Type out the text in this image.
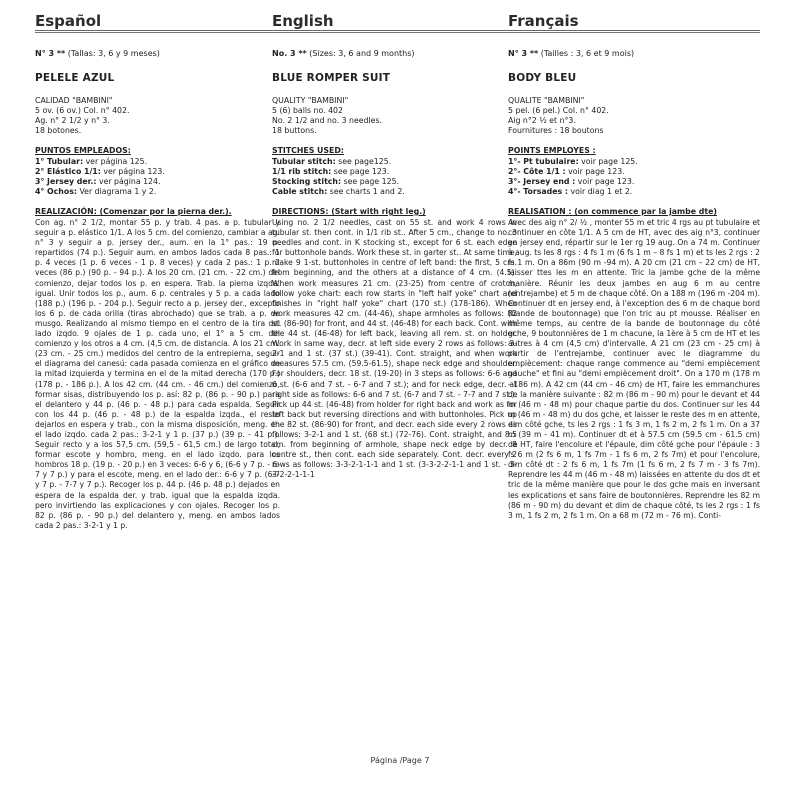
Español
N° 3 ** (Tallas: 3, 6 y 9 meses)
PELELE AZUL
CALIDAD "BAMBINI"
5 ov. (6 ov.) Col. n° 402.
Ag. n° 2 1/2 y n° 3.
18 botones.
PUNTOS EMPLEADOS:
1° Tubular: ver página 125.
2° Elástico 1/1: ver página 123.
3° Jersey der.: ver página 124.
4° Ochos: Ver diagrama 1 y 2.
REALIZACIÓN: (Comenzar por la pierna der.).

Con ag. n° 2 1/2, montar 55 p. y trab. 4 pas. a p. tubular y seguir a p. elástico 1/1. A los 5 cm. del comienzo, cambiar a ag. n° 3 y seguir a p. jersey der., aum. en la 1° pas.: 19 p. repartidos (74 p.). Seguir aum. en ambos lados cada 8 pas.: 1 p. 4 veces (1 p. 6 veces - 1 p. 8 veces) y cada 2 pas.: 1 p. 2 veces (86 p.) (90 p. - 94 p.). A los 20 cm. (21 cm. - 22 cm.) del comienzo, dejar todos los p. en espera. Trab. la pierna izqda. igual. Unir todos los p., aum. 6 p. centrales y 5 p. a cada lado (188 p.) (196 p. - 204 p.). Seguir recto a p. jersey der., excepto los 6 p. de cada orilla (tiras abrochado) que se trab. a p. de musgo. Realizando al mismo tiempo en el centro de la tira del lado izqdo. 9 ojales de 1 p. cada uno, el 1° a 5 cm. del comienzo y los otros a 4 cm. (4,5 cm. de distancia. A los 21 cm. (23 cm. - 25 cm.) medidos del centro de la entrepierna, seguir el diagrama del canesú: cada pasada comienza en el gráfico de la mitad izquierda y termina en el de la mitad derecha (170 p.) (178 p. - 186 p.). A los 42 cm. (44 cm. - 46 cm.) del comienzo, formar sisas, distribuyendo los p. así: 82 p. (86 p. - 90 p.) para el delantero y 44 p. (46 p. - 48 p.) para cada espalda. Seguir con los 44 p. (46 p. - 48 p.) de la espalda izqda., el resto dejarlos en espera y trab., con la misma disposición, meng. en el lado izqdo. cada 2 pas.: 3-2-1 y 1 p. (37 p.) (39 p. - 41 p.). Seguir recto y a los 57,5 cm. (59,5 - 61,5 cm.) de largo total, formar escote y hombro, meng. en el lado izqdo. para los hombros 18 p. (19 p. - 20 p.) en 3 veces: 6-6 y 6, (6-6 y 7 p. - 6-7 y 7 p.) y para el escote, meng. en el lado der.: 6-6 y 7 p. (6-7 y 7 p. - 7-7 y 7 p.). Recoger los p. 44 p. (46 p. 48 p.) dejados en espera de la espalda der. y trab. igual que la espalda izqda. pero invirtiendo las explicaciones y con ojales. Recoger los p. 82 p. (86 p. - 90 p.) del delantero y, meng. en ambos lados cada 2 pas.: 3-2-1 y 1 p.

English
No. 3 ** (Sizes: 3, 6 and 9 months)
BLUE ROMPER SUIT
QUALITY "BAMBINI"
5 (6) balls no. 402
No. 2 1/2 and no. 3 needles.
18 buttons.
STITCHES USED:
Tubular stitch: see page125.
1/1 rib stitch: see page 123.
Stocking stitch: see page 125.
Cable stitch: see charts 1 and 2.
DIRECTIONS: (Start with right leg.)

Using no. 2 1/2 needles, cast on 55 st. and work 4 rows in tubular st. then cont. in 1/1 rib st.. After 5 cm., change to no. 3 needles and cont. in K stocking st., except for 6 st. each edge for buttonhole bands. Work these st. in garter st.. At same time, make 9 1-st. buttonholes in centre of left band: the first, 5 cm. from beginning, and the others at a distance of 4 cm. (4.5). When work measures 21 cm. (23-25) from centre of crotch, follow yoke chart: each row starts in "left half yoke" chart and finishes in "right half yoke" chart (170 st.) (178-186). When work measures 42 cm. (44-46), shape armholes as follows: 82 st. (86-90) for front, and 44 st. (46-48) for each back. Cont. with the 44 st. (46-48) for left back, leaving all rem. st. on holder. Work in same way, decr. at left side every 2 rows as follows: 3-2-1 and 1 st. (37 st.) (39-41). Cont. straight, and when work measures 57.5 cm. (59.5-61.5), shape neck edge and shoulder. For shoulders, decr. 18 st. (19-20) in 3 steps as follows: 6-6 and 6 st. (6-6 and 7 st. - 6-7 and 7 st.); and for neck edge, decr. at right side as follows: 6-6 and 7 st. (6-7 and 7 st. - 7-7 and 7 st.). Pick up 44 st. (46-48) from holder for right back and work as for left back but reversing directions and with buttonholes. Pick up the 82 st. (86-90) for front, and decr. each side every 2 rows as follows: 3-2-1 and 1 st. (68 st.) (72-76). Cont. straight, and 8.5 cm. from beginning of armhole, shape neck edge by decr. 8 centre st., then cont. each side separately. Cont. decr. every 2 rows as follows: 3-3-2-1-1-1 and 1 st. (3-3-2-2-1-1 and 1 st. - 3-3-2-2-1-1-1

Français
N° 3 ** (Tailles : 3, 6 et 9 mois)
BODY BLEU
QUALITE "BAMBINI"
5 pel. (6 pel.) Col. n° 402.
Aig n°2 ½ et n°3.
Fournitures : 18 boutons
POINTS EMPLOYES :
1°- Pt tubulaire: voir page 125.
2°- Côte 1/1 : voir page 123.
3°- Jersey end : voir page 123.
4°- Torsades : voir diag 1 et 2.
REALISATION : (on commence par la jambe dte)

Avec des aig n° 2/ ½ , monter 55 m et tric 4 rgs au pt tubulaire et continuer en côte 1/1. A 5 cm de HT, avec des aig n°3, continuer en jersey end, répartir sur le 1er rg 19 aug. On a 74 m. Continuer à aug. ts les 8 rgs : 4 fs 1 m (6 fs 1 m – 8 fs 1 m) et ts les 2 rgs : 2 fs 1 m. On a 86m (90 m -94 m). A 20 cm (21 cm – 22 cm) de HT, laisser ttes les m en attente. Tric la jambe gche de la même manière. Réunir les deux jambes en aug 6 m au centre (entrejambe) et 5 m de chaque côté. On a 188 m (196 m -204 m). Continuer dt en jersey end, à l'exception des 6 m de chaque bord (bande de boutonnage) que l'on tric au pt mousse. Réaliser en même temps, au centre de la bande de boutonnage du côté gche, 9 boutonnières de 1 m chacune, la 1ère à 5 cm de HT et les autres à 4 cm (4,5 cm) d'intervalle. A 21 cm (23 cm - 25 cm) à partir de l'entrejambe, continuer avec le diagramme du empiècement: chaque range commence au "demi empiècement gauche" et fini au "demi empiècement droit". On a 170 m (178 m - 186 m). A 42 cm (44 cm - 46 cm) de HT, faire les emmanchures de la manière suivante : 82 m (86 m - 90 m) pour le devant et 44 m (46 m - 48 m) pour chaque partie du dos. Continuer sur les 44 m (46 m - 48 m) du dos gche, et laisser le reste des m en attente, dim côté gche, ts les 2 rgs : 1 fs 3 m, 1 fs 2 m, 2 fs 1 m. On a 37 m (39 m - 41 m). Continuer dt et à 57.5 cm (59.5 cm - 61.5 cm) de HT, faire l'encolure et l'épaule, dim côté gche pour l'épaule : 3 fs 6 m (2 fs 6 m, 1 fs 7m - 1 fs 6 m, 2 fs 7m) et pour l'encolure, dim côté dt : 2 fs 6 m, 1 fs 7m (1 fs 6 m, 2 fs 7 m - 3 fs 7m). Reprendre les 44 m (46 m - 48 m) laissées en attente du dos dt et tric de la même manière que pour le dos gche mais en inversant les explications et sans faire de boutonnières. Reprendre les 82 m (86 m - 90 m) du devant et dim de chaque côté, ts les 2 rgs : 1 fs 3 m, 1 fs 2 m, 2 fs 1 m. On a 68 m (72 m - 76 m). Conti-

Página /Page 7
